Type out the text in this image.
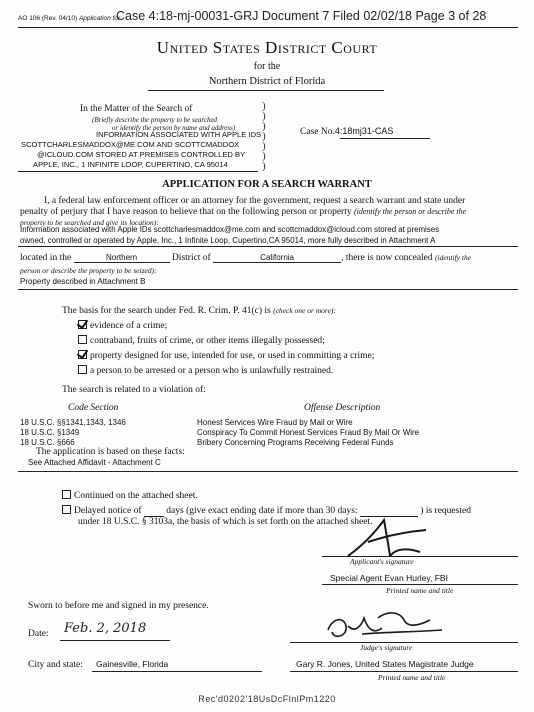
AO 106 (Rev. 04/10) Application for
Case 4:18-mj-00031-GRJ Document 7 Filed 02/02/18 Page 3 of 28
United States District Court
for the
Northern District of Florida
In the Matter of the Search of
(Briefly describe the property to be searched
or identify the person by name and address)
INFORMATION ASSOCIATED WITH APPLE IDS
SCOTTCHARLESMADDOX@ME.COM AND SCOTTCMADDOX
@ICLOUD.COM STORED AT PREMISES CONTROLLED BY
APPLE, INC., 1 INFINITE LOOP, CUPERTINO, CA 95014
)
)
)
)
)
)
)
Case No.4:18mj31-CAS
APPLICATION FOR A SEARCH WARRANT
I, a federal law enforcement officer or an attorney for the government, request a search warrant and state under
penalty of perjury that I have reason to believe that on the following person or property (identify the person or describe the
property to be searched and give its location):
Information associated with Apple IDs scottcharlesmaddox@me.com and scottcmaddox@icloud.com stored at premises
owned, controlled or operated by Apple, Inc., 1 Infinite Loop, Cupertino,CA 95014, more fully described in Attachment A
located in the	Northern	District of	California	, there is now concealed (identify the
person or describe the property to be seized):
Property described in Attachment B
The basis for the search under Fed. R. Crim. P. 41(c) is (check one or more):
evidence of a crime;
contraband, fruits of crime, or other items illegally possessed;
property designed for use, intended for use, or used in committing a crime;
a person to be arrested or a person who is unlawfully restrained.
The search is related to a violation of:
Code Section	Offense Description
18 U.S.C. §§1341,1343, 1346	Honest Services Wire Fraud by Mail or Wire
18 U.S.C. §1349	Conspiracy To Commit Honest Services Fraud By Mail Or Wire
18 U.S.C. §666	Bribery Concerning Programs Receiving Federal Funds
The application is based on these facts:
See Attached Affidavit - Attachment C
Continued on the attached sheet.
Delayed notice of	days (give exact ending date if more than 30 days:	) is requested
under 18 U.S.C. § 3103a, the basis of which is set forth on the attached sheet.
Applicant's signature
Special Agent Evan Hurley, FBI
Printed name and title
Sworn to before me and signed in my presence.
Date: Feb. 2, 2018
Judge's signature
City and state: Gainesville, Florida	Gary R. Jones, United States Magistrate Judge
Printed name and title
Rec'd0202'18UsDcFlnlPm1220
